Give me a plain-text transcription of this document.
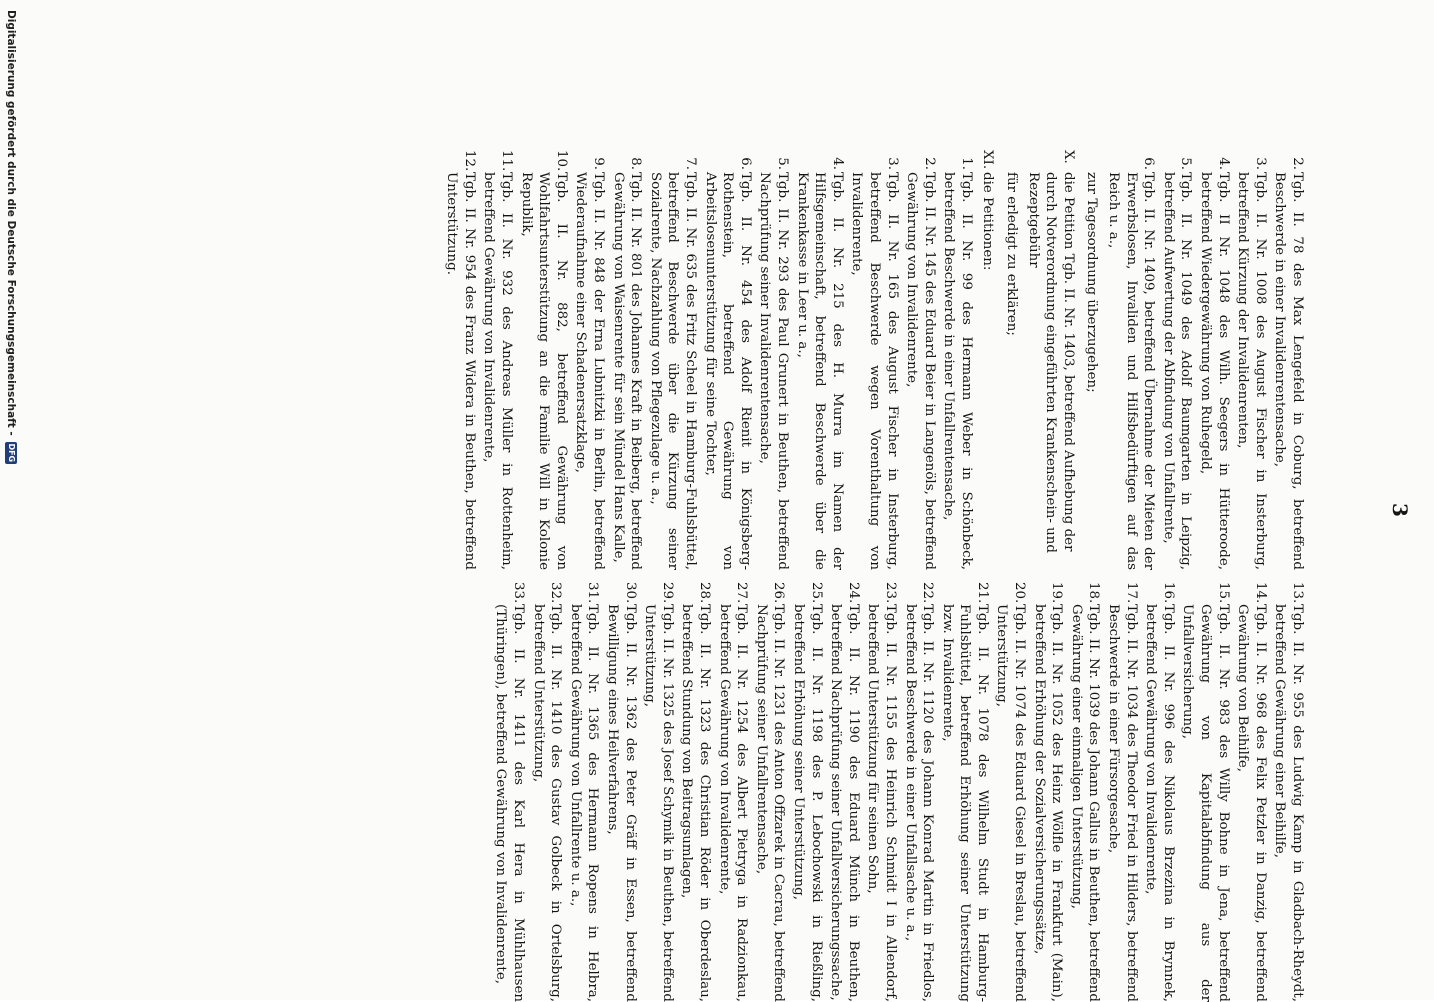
3
2.
Tgb. II. 78 des Max Lengefeld in Coburg, betreffend Beschwerde in einer Invalidenrentensache,
3.
Tgb. II. Nr. 1008 des August Fischer in Insterburg, betreffend Kürzung der Invalidenrenten,
4.
Tgb. II Nr. 1048 des Wilh. Seegers in Hütteroode, betreffend Wiedergewährung von Ruhegeld,
5.
Tgb. II. Nr. 1049 des Adolf Baumgarten in Leipzig, betreffend Aufwertung der Abfindung von Unfallrente,
6.
Tgb. II. Nr. 1409, betreffend Übernahme der Mieten der Erwerbslosen, Invaliden und Hilfsbedürftigen auf das Reich u. a.,
zur Tagesordnung überzugehen;
X.
die Petition Tgb. II. Nr. 1403, betreffend Aufhebung der durch Notverordnung eingeführten Krankenschein- und Rezeptgebühr
für erledigt zu erklären;
XI.
die Petitionen:
1.
Tgb. II. Nr. 99 des Hermann Weber in Schönbeck, betreffend Beschwerde in einer Unfallrentensache,
2.
Tgb. II. Nr. 145 des Eduard Beier in Langenöls, betreffend Gewährung von Invalidenrente,
3.
Tgb. II. Nr. 165 des August Fischer in Insterburg, betreffend Beschwerde wegen Vorenthaltung von Invalidenrente,
4.
Tgb. II. Nr. 215 des H. Murra im Namen der Hilfsgemeinschaft, betreffend Beschwerde über die Krankenkasse in Leer u. a.,
5.
Tgb. II. Nr. 293 des Paul Grunert in Beuthen, betreffend Nachprüfung seiner Invalidenrentensache,
6.
Tgb. II. Nr. 454 des Adolf Rienit in Königsberg-Rothenstein, betreffend Gewährung von Arbeitslosenunterstützung für seine Tochter,
7.
Tgb. II. Nr. 635 des Fritz Scheel in Hamburg-Fuhlsbüttel, betreffend Beschwerde über die Kürzung seiner Sozialrente, Nachzahlung von Pflegezulage u. a.,
8.
Tgb. II. Nr. 801 des Johannes Kraft in Beiberg, betreffend Gewährung von Waisenrente für sein Mündel Hans Kalle,
9.
Tgb. II. Nr. 848 der Erna Lubnitzki in Berlin, betreffend Wiederaufnahme einer Schadenersatzklage,
10.
Tgb. II. Nr. 882, betreffend Gewährung von Wohlfahrtsunterstützung an die Familie Will in Kolonie Republik,
11.
Tgb. II. Nr. 932 des Andreas Müller in Rottenheim, betreffend Gewährung von Invalidenrente,
12.
Tgb. II. Nr. 954 des Franz Widera in Beuthen, betreffend Unterstützung.
13.
Tgb. II. Nr. 955 des Ludwig Kamp in Gladbach-Rheydt, betreffend Gewährung einer Beihilfe,
14.
Tgb. II. Nr. 968 des Felix Petzler in Danzig, betreffend Gewährung von Beihilfe,
15.
Tgb. II. Nr. 983 des Willy Bohne in Jena, betreffend Gewährung von Kapitalabfindung aus der Unfallversicherung,
16.
Tgb. II. Nr. 996 des Nikolaus Brzezina in Brynnek, betreffend Gewährung von Invalidenrente,
17.
Tgb. II. Nr. 1034 des Theodor Fried in Hilders, betreffend Beschwerde in einer Fürsorgesache,
18.
Tgb. II. Nr. 1039 des Johann Gallus in Beuthen, betreffend Gewährung einer einmaligen Unterstützung,
19.
Tgb. II. Nr. 1052 des Heinz Wölfle in Frankfurt (Main), betreffend Erhöhung der Sozialversicherungssätze,
20.
Tgb. II. Nr. 1074 des Eduard Giesel in Breslau, betreffend Unterstützung,
21.
Tgb. II. Nr. 1078 des Wilhelm Studt in Hamburg-Fuhlsbüttel, betreffend Erhöhung seiner Unterstützung bzw. Invalidenrente,
22.
Tgb. II. Nr. 1120 des Johann Konrad Martin in Friedlos, betreffend Beschwerde in einer Unfallsache u. a.,
23.
Tgb. II. Nr. 1155 des Heinrich Schmidt I in Allendorf, betreffend Unterstützung für seinen Sohn,
24.
Tgb. II. Nr. 1190 des Eduard Münch in Beuthen, betreffend Nachprüfung seiner Unfallversicherungssache,
25.
Tgb. II. Nr. 1198 des P. Lebochowski in Rießling, betreffend Erhöhung seiner Unterstützung,
26.
Tgb. II. Nr. 1231 des Anton Offzarek in Cacrau, betreffend Nachprüfung seiner Unfallrentensache,
27.
Tgb. II. Nr. 1254 des Albert Pietryga in Radzionkau, betreffend Gewährung von Invalidenrente,
28.
Tgb. II. Nr. 1323 des Christian Röder in Oberdeslau, betreffend Stundung von Beitragsumlagen,
29.
Tgb. II. Nr. 1325 des Josef Schymik in Beuthen, betreffend Unterstützung,
30.
Tgb. II. Nr. 1362 des Peter Gräff in Essen, betreffend Bewilligung eines Heilverfahrens,
31.
Tgb. II. Nr. 1365 des Hermann Ropens in Helbra, betreffend Gewährung von Unfallrente u. a.,
32.
Tgb. II. Nr. 1410 des Gustav Golbeck in Ortelsburg, betreffend Unterstützung,
33.
Tgb. II. Nr. 1411 des Karl Hera in Mühlhausen (Thüringen), betreffend Gewährung von Invalidenrente,
Digitalisierung gefördert durch die Deutsche Forschungsgemeinschaft -
DFG
